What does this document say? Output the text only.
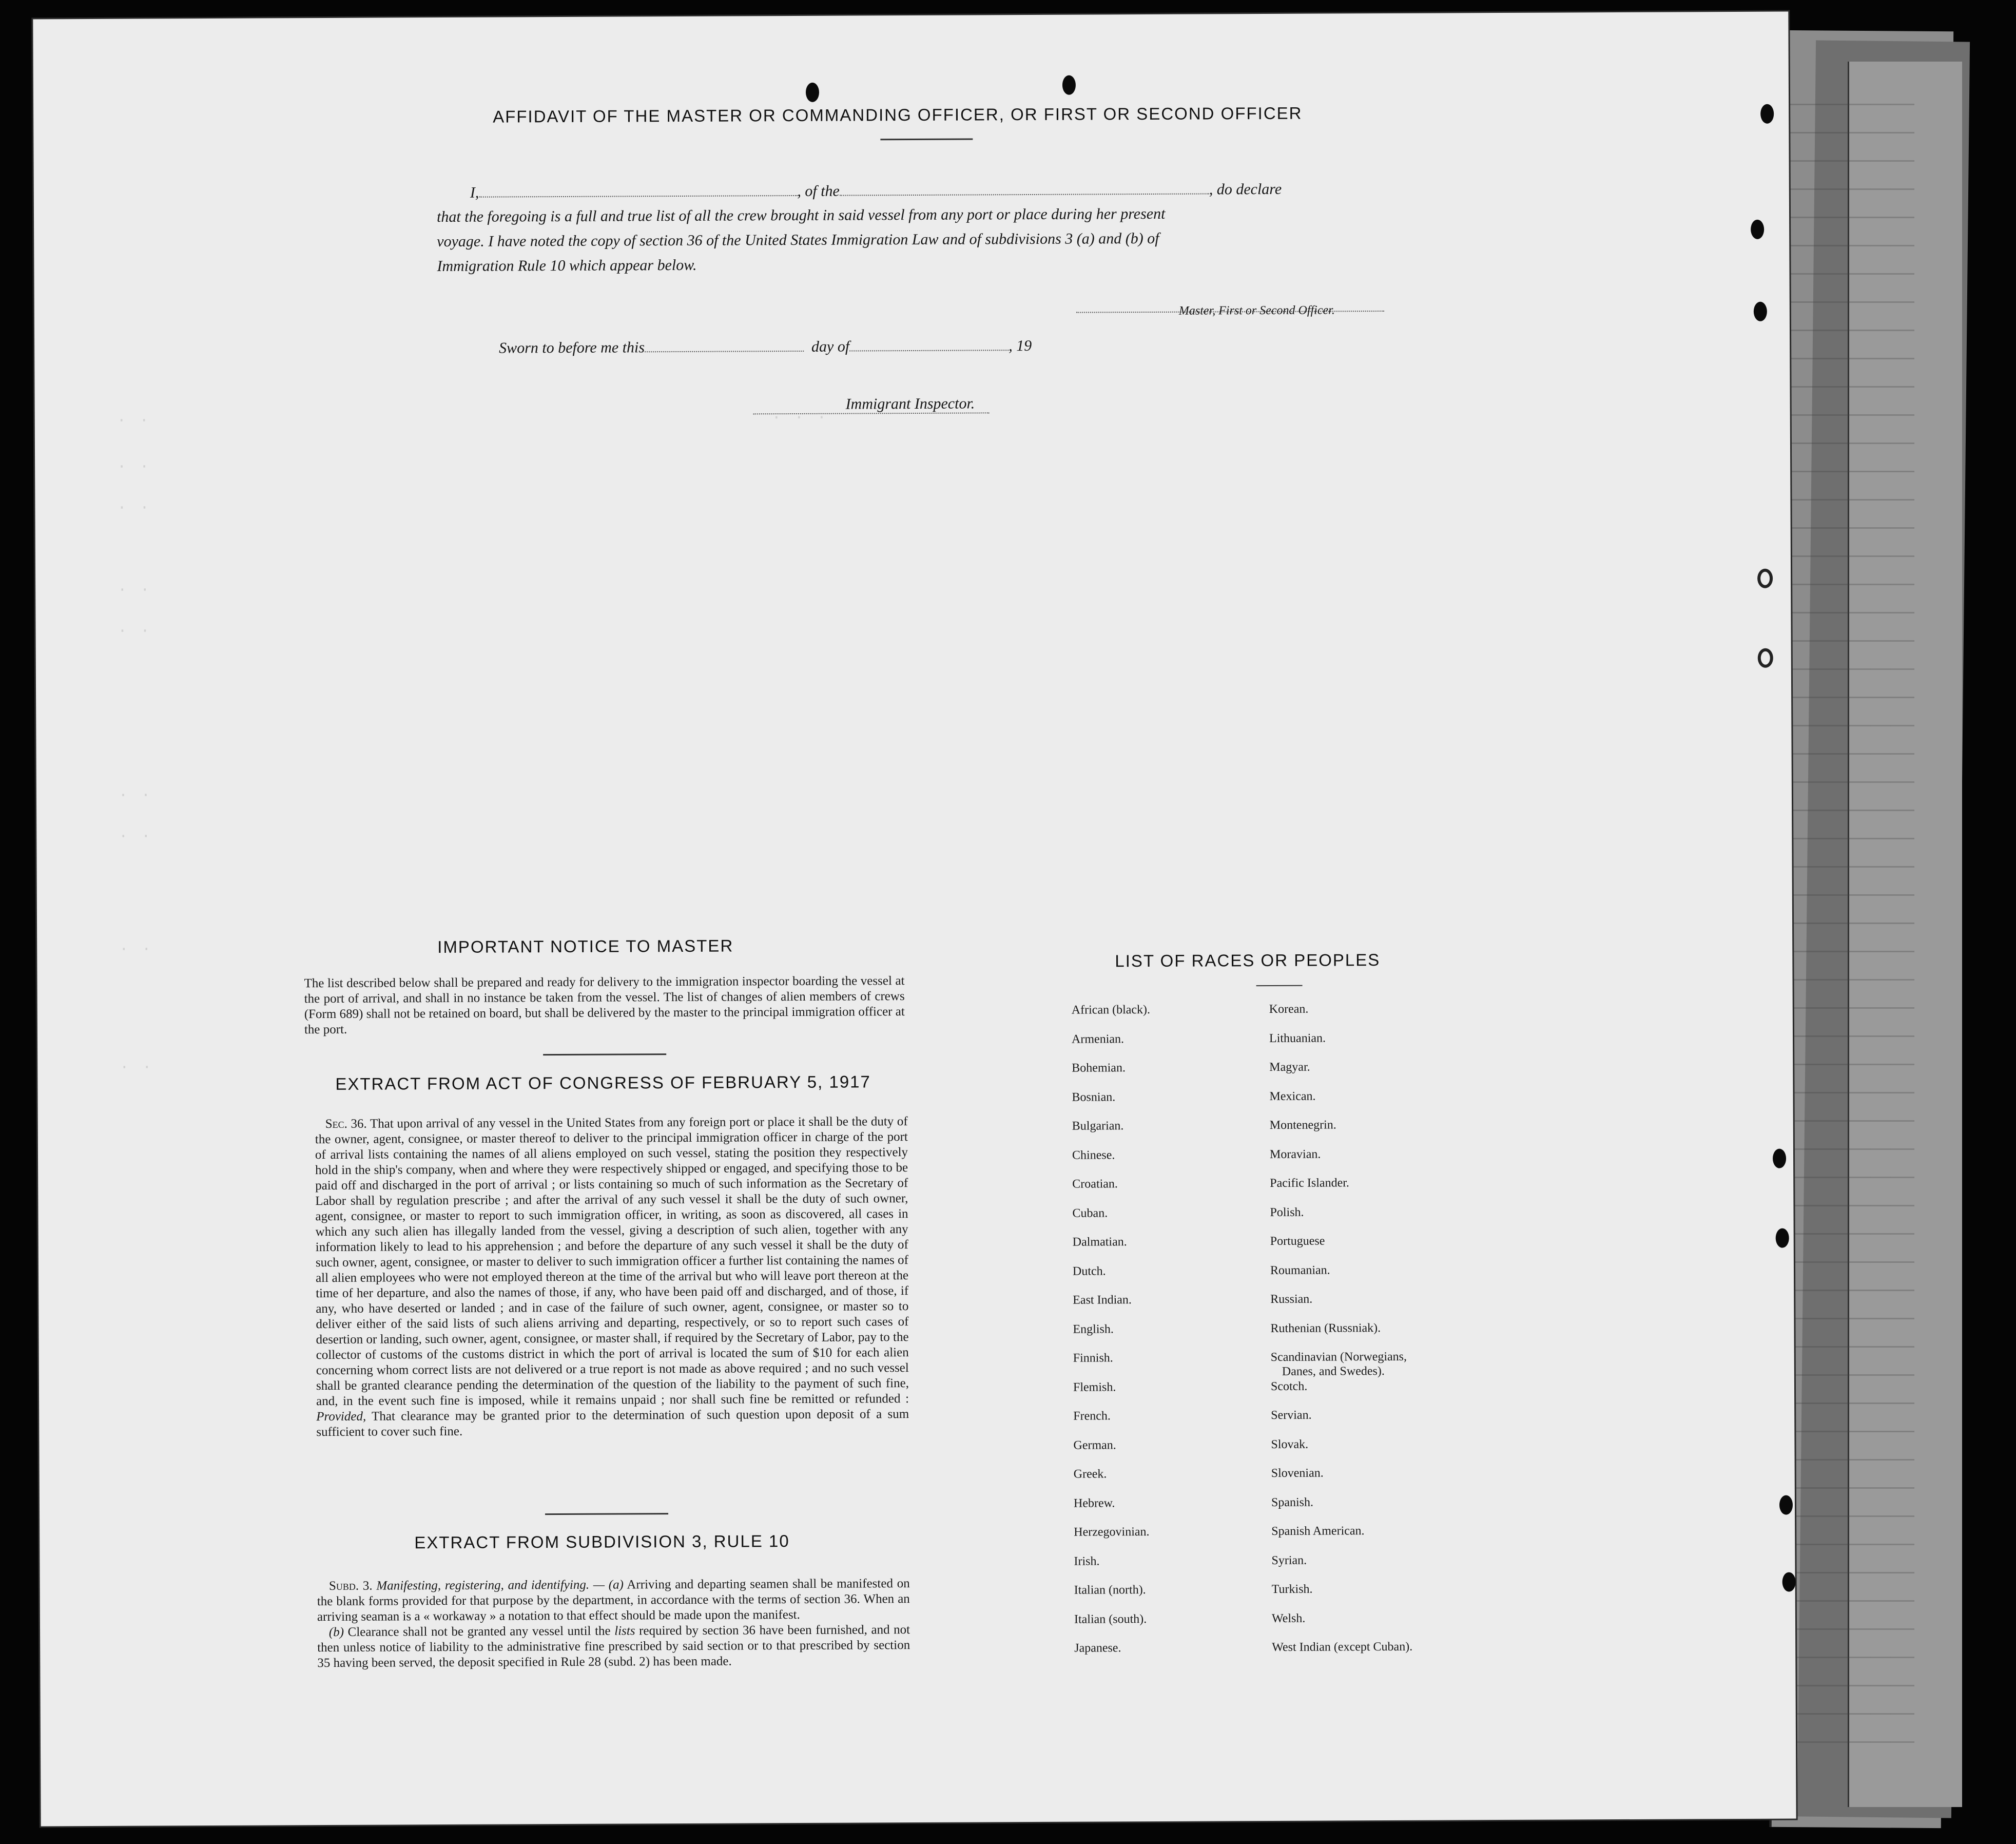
. .                                                       . . .
. .
. .
. .
. .
. .
. .
. .
. .
AFFIDAVIT OF THE MASTER OR COMMANDING OFFICER, OR FIRST OR SECOND OFFICER
I,	, of the	, do declare
that the foregoing is a full and true list of all the crew brought in said vessel from any port or place during her present
voyage. I have noted the copy of section 36 of the United States Immigration Law and of subdivisions 3 (a) and (b) of
Immigration Rule 10 which appear below.
Master, First or Second Officer.
Sworn to before me this	day of	, 19
Immigrant Inspector.
IMPORTANT NOTICE TO MASTER
The list described below shall be prepared and ready for delivery to the immigration inspector boarding the vessel at the port of arrival, and shall in no instance be taken from the vessel. The list of changes of alien members of crews (Form 689) shall not be retained on board, but shall be delivered by the master to the principal immigration officer at the port.
EXTRACT FROM ACT OF CONGRESS OF FEBRUARY 5, 1917
Sec. 36. That upon arrival of any vessel in the United States from any foreign port or place it shall be the duty of the owner, agent, consignee, or master thereof to deliver to the principal immigration officer in charge of the port of arrival lists containing the names of all aliens employed on such vessel, stating the position they respectively hold in the ship's company, when and where they were respectively shipped or engaged, and specifying those to be paid off and discharged in the port of arrival ; or lists containing so much of such information as the Secretary of Labor shall by regulation prescribe ; and after the arrival of any such vessel it shall be the duty of such owner, agent, consignee, or master to report to such immigration officer, in writing, as soon as discovered, all cases in which any such alien has illegally landed from the vessel, giving a description of such alien, together with any information likely to lead to his apprehension ; and before the departure of any such vessel it shall be the duty of such owner, agent, consignee, or master to deliver to such immigration officer a further list containing the names of all alien employees who were not employed thereon at the time of the arrival but who will leave port thereon at the time of her departure, and also the names of those, if any, who have been paid off and discharged, and of those, if any, who have deserted or landed ; and in case of the failure of such owner, agent, consignee, or master so to deliver either of the said lists of such aliens arriving and departing, respectively, or so to report such cases of desertion or landing, such owner, agent, consignee, or master shall, if required by the Secretary of Labor, pay to the collector of customs of the customs district in which the port of arrival is located the sum of $10 for each alien concerning whom correct lists are not delivered or a true report is not made as above required ; and no such vessel shall be granted clearance pending the determination of the question of the liability to the payment of such fine, and, in the event such fine is imposed, while it remains unpaid ; nor shall such fine be remitted or refunded : Provided, That clearance may be granted prior to the determination of such question upon deposit of a sum sufficient to cover such fine.
EXTRACT FROM SUBDIVISION 3, RULE 10
Subd. 3. Manifesting, registering, and identifying. — (a) Arriving and departing seamen shall be manifested on the blank forms provided for that purpose by the department, in accordance with the terms of section 36. When an arriving seaman is a « workaway » a notation to that effect should be made upon the manifest.
(b) Clearance shall not be granted any vessel until the lists required by section 36 have been furnished, and not then unless notice of liability to the administrative fine prescribed by said section or to that prescribed by section 35 having been served, the deposit specified in Rule 28 (subd. 2) has been made.
LIST OF RACES OR PEOPLES
African (black).
Armenian.
Bohemian.
Bosnian.
Bulgarian.
Chinese.
Croatian.
Cuban.
Dalmatian.
Dutch.
East Indian.
English.
Finnish.
Flemish.
French.
German.
Greek.
Hebrew.
Herzegovinian.
Irish.
Italian (north).
Italian (south).
Japanese.
Korean.
Lithuanian.
Magyar.
Mexican.
Montenegrin.
Moravian.
Pacific Islander.
Polish.
Portuguese
Roumanian.
Russian.
Ruthenian (Russniak).
Scandinavian (Norwegians,
Danes, and Swedes).
Scotch.
Servian.
Slovak.
Slovenian.
Spanish.
Spanish American.
Syrian.
Turkish.
Welsh.
West Indian (except Cuban).
